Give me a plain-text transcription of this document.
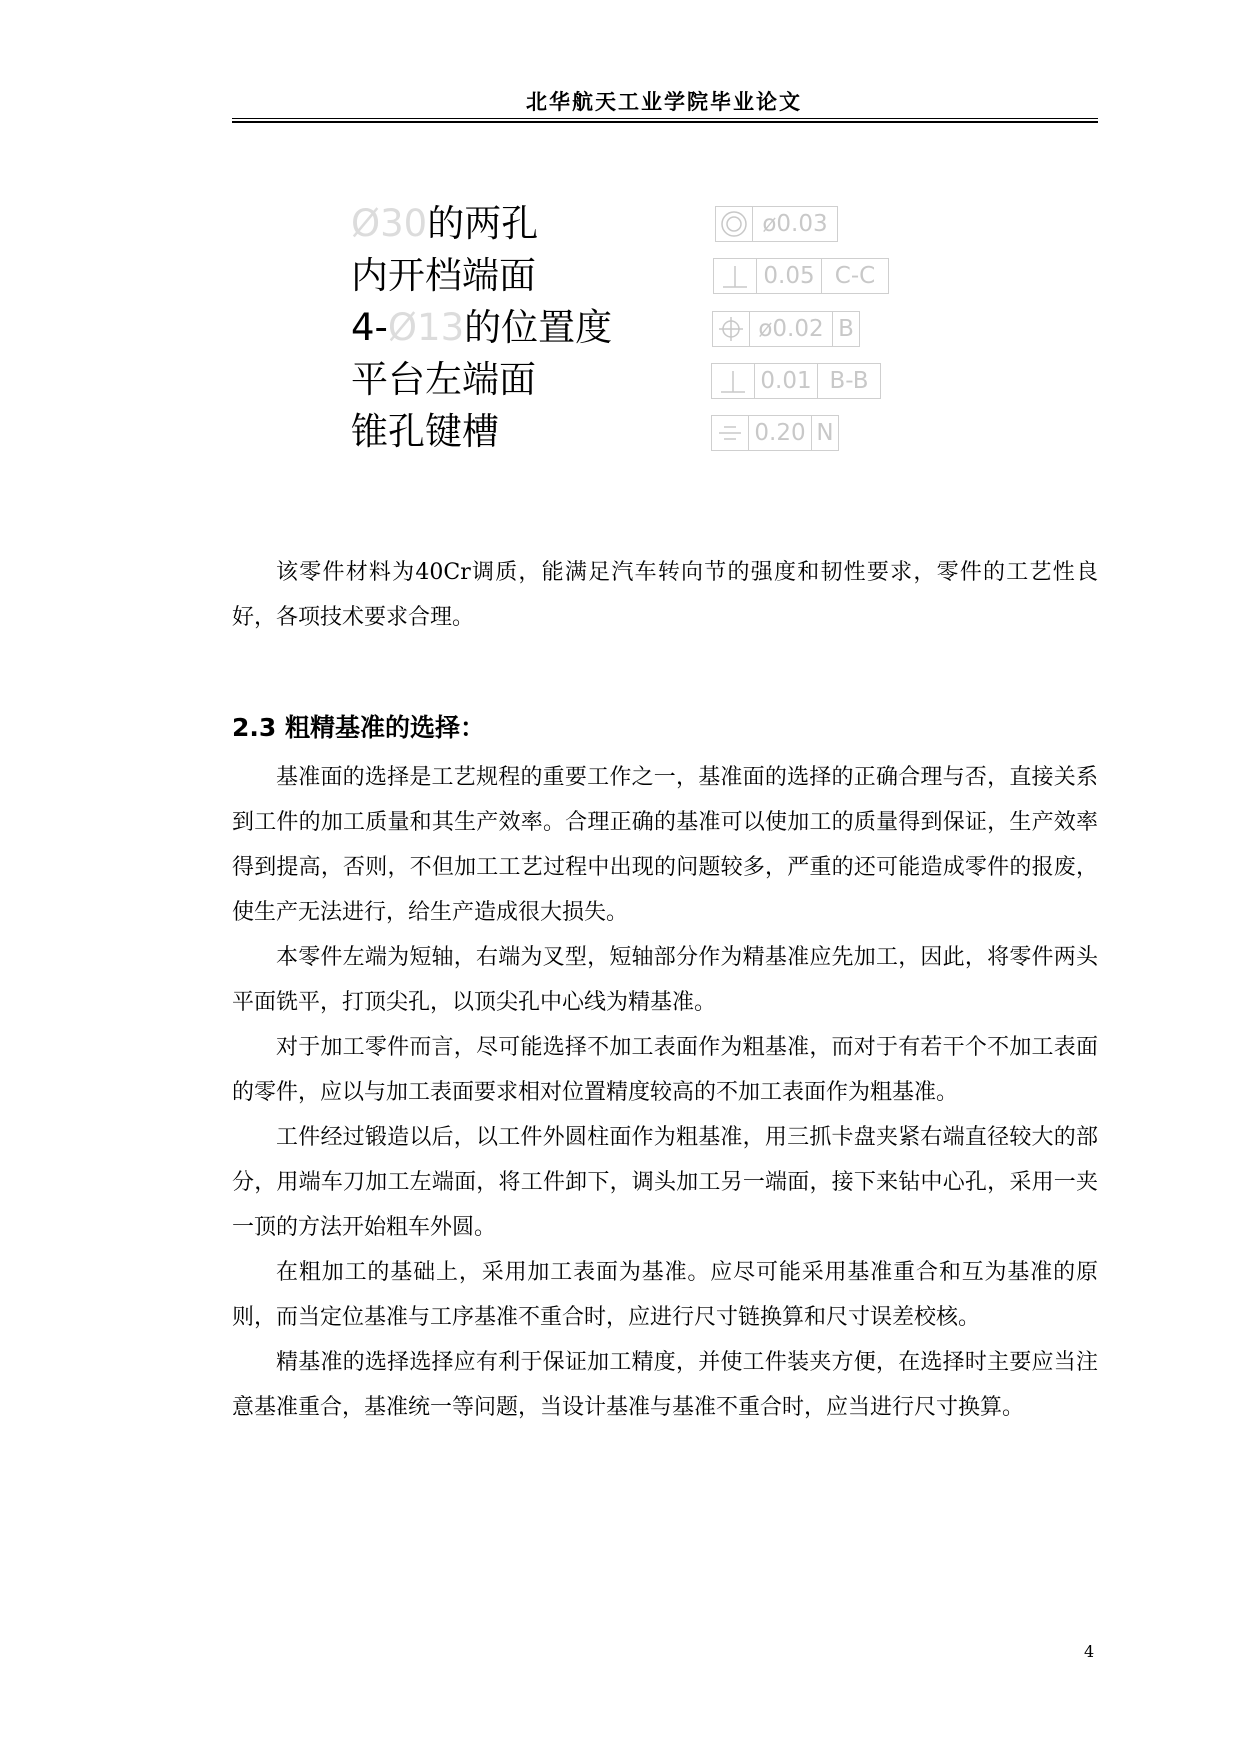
北华航天工业学院毕业论文
Ø30的两孔
内开档端面
4-Ø13的位置度
平台左端面
锥孔键槽
ø0.03
0.05 C-C
ø0.02 B
0.01 B-B
0.20 N

该零件材料为40Cr调质，能满足汽车转向节的强度和韧性要求，零件的工艺性良好，各项技术要求合理。

2.3 粗精基准的选择：

基准面的选择是工艺规程的重要工作之一，基准面的选择的正确合理与否，直接关系到工件的加工质量和其生产效率。合理正确的基准可以使加工的质量得到保证，生产效率得到提高，否则，不但加工工艺过程中出现的问题较多，严重的还可能造成零件的报废，使生产无法进行，给生产造成很大损失。

本零件左端为短轴，右端为叉型，短轴部分作为精基准应先加工，因此，将零件两头平面铣平，打顶尖孔，以顶尖孔中心线为精基准。

对于加工零件而言，尽可能选择不加工表面作为粗基准，而对于有若干个不加工表面的零件，应以与加工表面要求相对位置精度较高的不加工表面作为粗基准。

工件经过锻造以后，以工件外圆柱面作为粗基准，用三抓卡盘夹紧右端直径较大的部分，用端车刀加工左端面，将工件卸下，调头加工另一端面，接下来钻中心孔，采用一夹一顶的方法开始粗车外圆。

在粗加工的基础上，采用加工表面为基准。应尽可能采用基准重合和互为基准的原则，而当定位基准与工序基准不重合时，应进行尺寸链换算和尺寸误差校核。

精基准的选择选择应有利于保证加工精度，并使工件装夹方便，在选择时主要应当注意基准重合，基准统一等问题，当设计基准与基准不重合时，应当进行尺寸换算。

4
